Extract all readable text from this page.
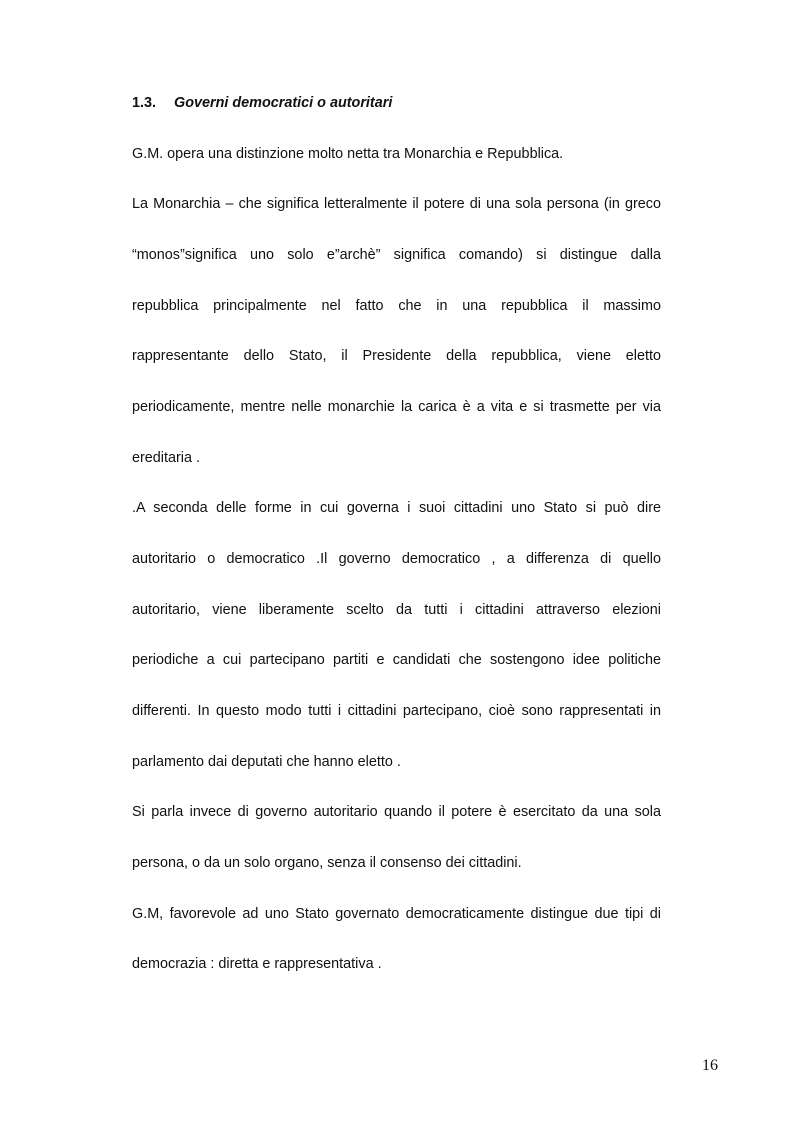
1.3. Governi democratici o autoritari
G.M. opera una distinzione molto netta tra Monarchia e Repubblica.
La Monarchia – che significa letteralmente il potere di una sola persona (in greco
“monos”significa uno solo e”archè” significa comando) si distingue dalla
repubblica principalmente nel fatto che in una repubblica il massimo
rappresentante dello Stato, il Presidente della repubblica, viene eletto
periodicamente, mentre nelle monarchie la carica è a vita e si trasmette per via
ereditaria .
.A seconda delle forme in cui governa i suoi cittadini uno Stato si può dire
autoritario o democratico .Il governo democratico , a differenza di quello
autoritario, viene liberamente scelto da tutti i cittadini attraverso elezioni
periodiche a cui partecipano partiti e candidati che sostengono idee politiche
differenti. In questo modo tutti i cittadini partecipano, cioè sono rappresentati in
parlamento dai deputati che hanno eletto .
Si parla invece di governo autoritario quando il potere è esercitato da una sola
persona, o da un solo organo, senza il consenso dei cittadini.
G.M, favorevole ad uno Stato governato democraticamente distingue due tipi di
democrazia : diretta e rappresentativa .
16
